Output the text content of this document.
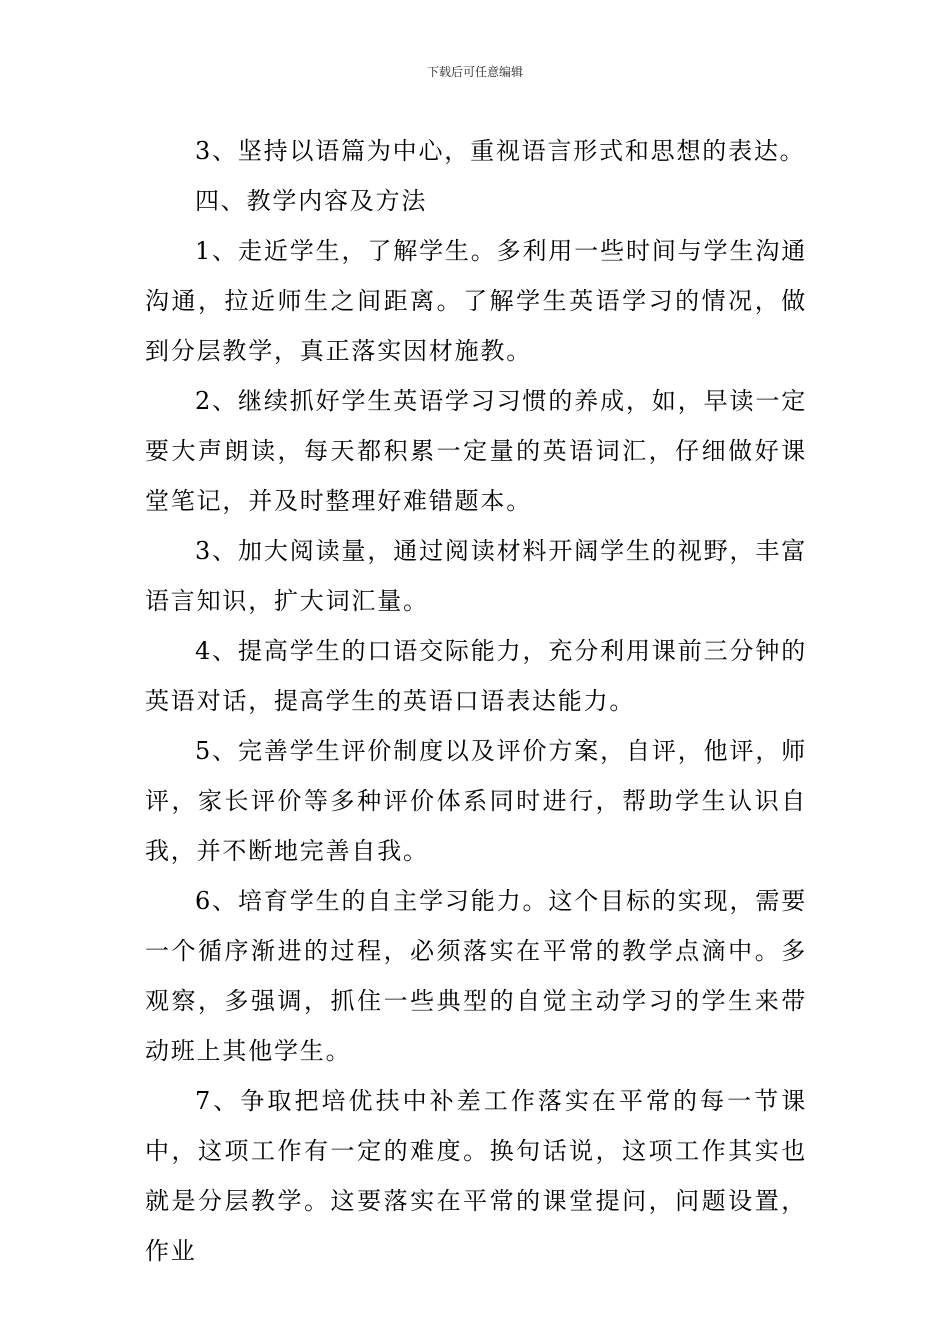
下载后可任意编辑

3、坚持以语篇为中心，重视语言形式和思想的表达。

四、教学内容及方法

1、走近学生，了解学生。多利用一些时间与学生沟通沟通，拉近师生之间距离。了解学生英语学习的情况，做到分层教学，真正落实因材施教。

2、继续抓好学生英语学习习惯的养成，如，早读一定要大声朗读，每天都积累一定量的英语词汇，仔细做好课堂笔记，并及时整理好难错题本。

3、加大阅读量，通过阅读材料开阔学生的视野，丰富语言知识，扩大词汇量。

4、提高学生的口语交际能力，充分利用课前三分钟的英语对话，提高学生的英语口语表达能力。

5、完善学生评价制度以及评价方案，自评，他评，师评，家长评价等多种评价体系同时进行，帮助学生认识自我，并不断地完善自我。

6、培育学生的自主学习能力。这个目标的实现，需要一个循序渐进的过程，必须落实在平常的教学点滴中。多观察，多强调，抓住一些典型的自觉主动学习的学生来带动班上其他学生。

7、争取把培优扶中补差工作落实在平常的每一节课中，这项工作有一定的难度。换句话说，这项工作其实也就是分层教学。这要落实在平常的课堂提问，问题设置，作业
